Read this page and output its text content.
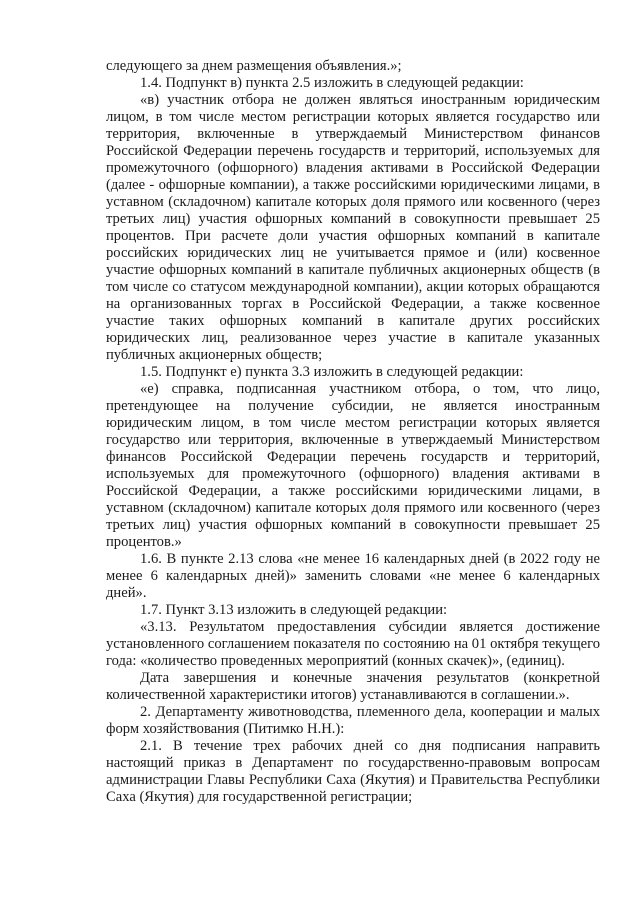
следующего за днем размещения объявления.»;

1.4. Подпункт в) пункта 2.5 изложить в следующей редакции:

«в) участник отбора не должен являться иностранным юридическим лицом, в том числе местом регистрации которых является государство или территория, включенные в утверждаемый Министерством финансов Российской Федерации перечень государств и территорий, используемых для промежуточного (офшорного) владения активами в Российской Федерации (далее - офшорные компании), а также российскими юридическими лицами, в уставном (складочном) капитале которых доля прямого или косвенного (через третьих лиц) участия офшорных компаний в совокупности превышает 25 процентов. При расчете доли участия офшорных компаний в капитале российских юридических лиц не учитывается прямое и (или) косвенное участие офшорных компаний в капитале публичных акционерных обществ (в том числе со статусом международной компании), акции которых обращаются на организованных торгах в Российской Федерации, а также косвенное участие таких офшорных компаний в капитале других российских юридических лиц, реализованное через участие в капитале указанных публичных акционерных обществ;

1.5. Подпункт е) пункта 3.3 изложить в следующей редакции:

«е) справка, подписанная участником отбора, о том, что лицо, претендующее на получение субсидии, не является иностранным юридическим лицом, в том числе местом регистрации которых является государство или территория, включенные в утверждаемый Министерством финансов Российской Федерации перечень государств и территорий, используемых для промежуточного (офшорного) владения активами в Российской Федерации, а также российскими юридическими лицами, в уставном (складочном) капитале которых доля прямого или косвенного (через третьих лиц) участия офшорных компаний в совокупности превышает 25 процентов.»

1.6. В пункте 2.13 слова «не менее 16 календарных дней (в 2022 году не менее 6 календарных дней)» заменить словами «не менее 6 календарных дней».

1.7. Пункт 3.13 изложить в следующей редакции:

«3.13. Результатом предоставления субсидии является достижение установленного соглашением показателя по состоянию на 01 октября текущего года: «количество проведенных мероприятий (конных скачек)», (единиц).

Дата завершения и конечные значения результатов (конкретной количественной характеристики итогов) устанавливаются в соглашении.».

2. Департаменту животноводства, племенного дела, кооперации и малых форм хозяйствования (Питимко Н.Н.):

2.1. В течение трех рабочих дней со дня подписания направить настоящий приказ в Департамент по государственно-правовым вопросам администрации Главы Республики Саха (Якутия) и Правительства Республики Саха (Якутия) для государственной регистрации;
